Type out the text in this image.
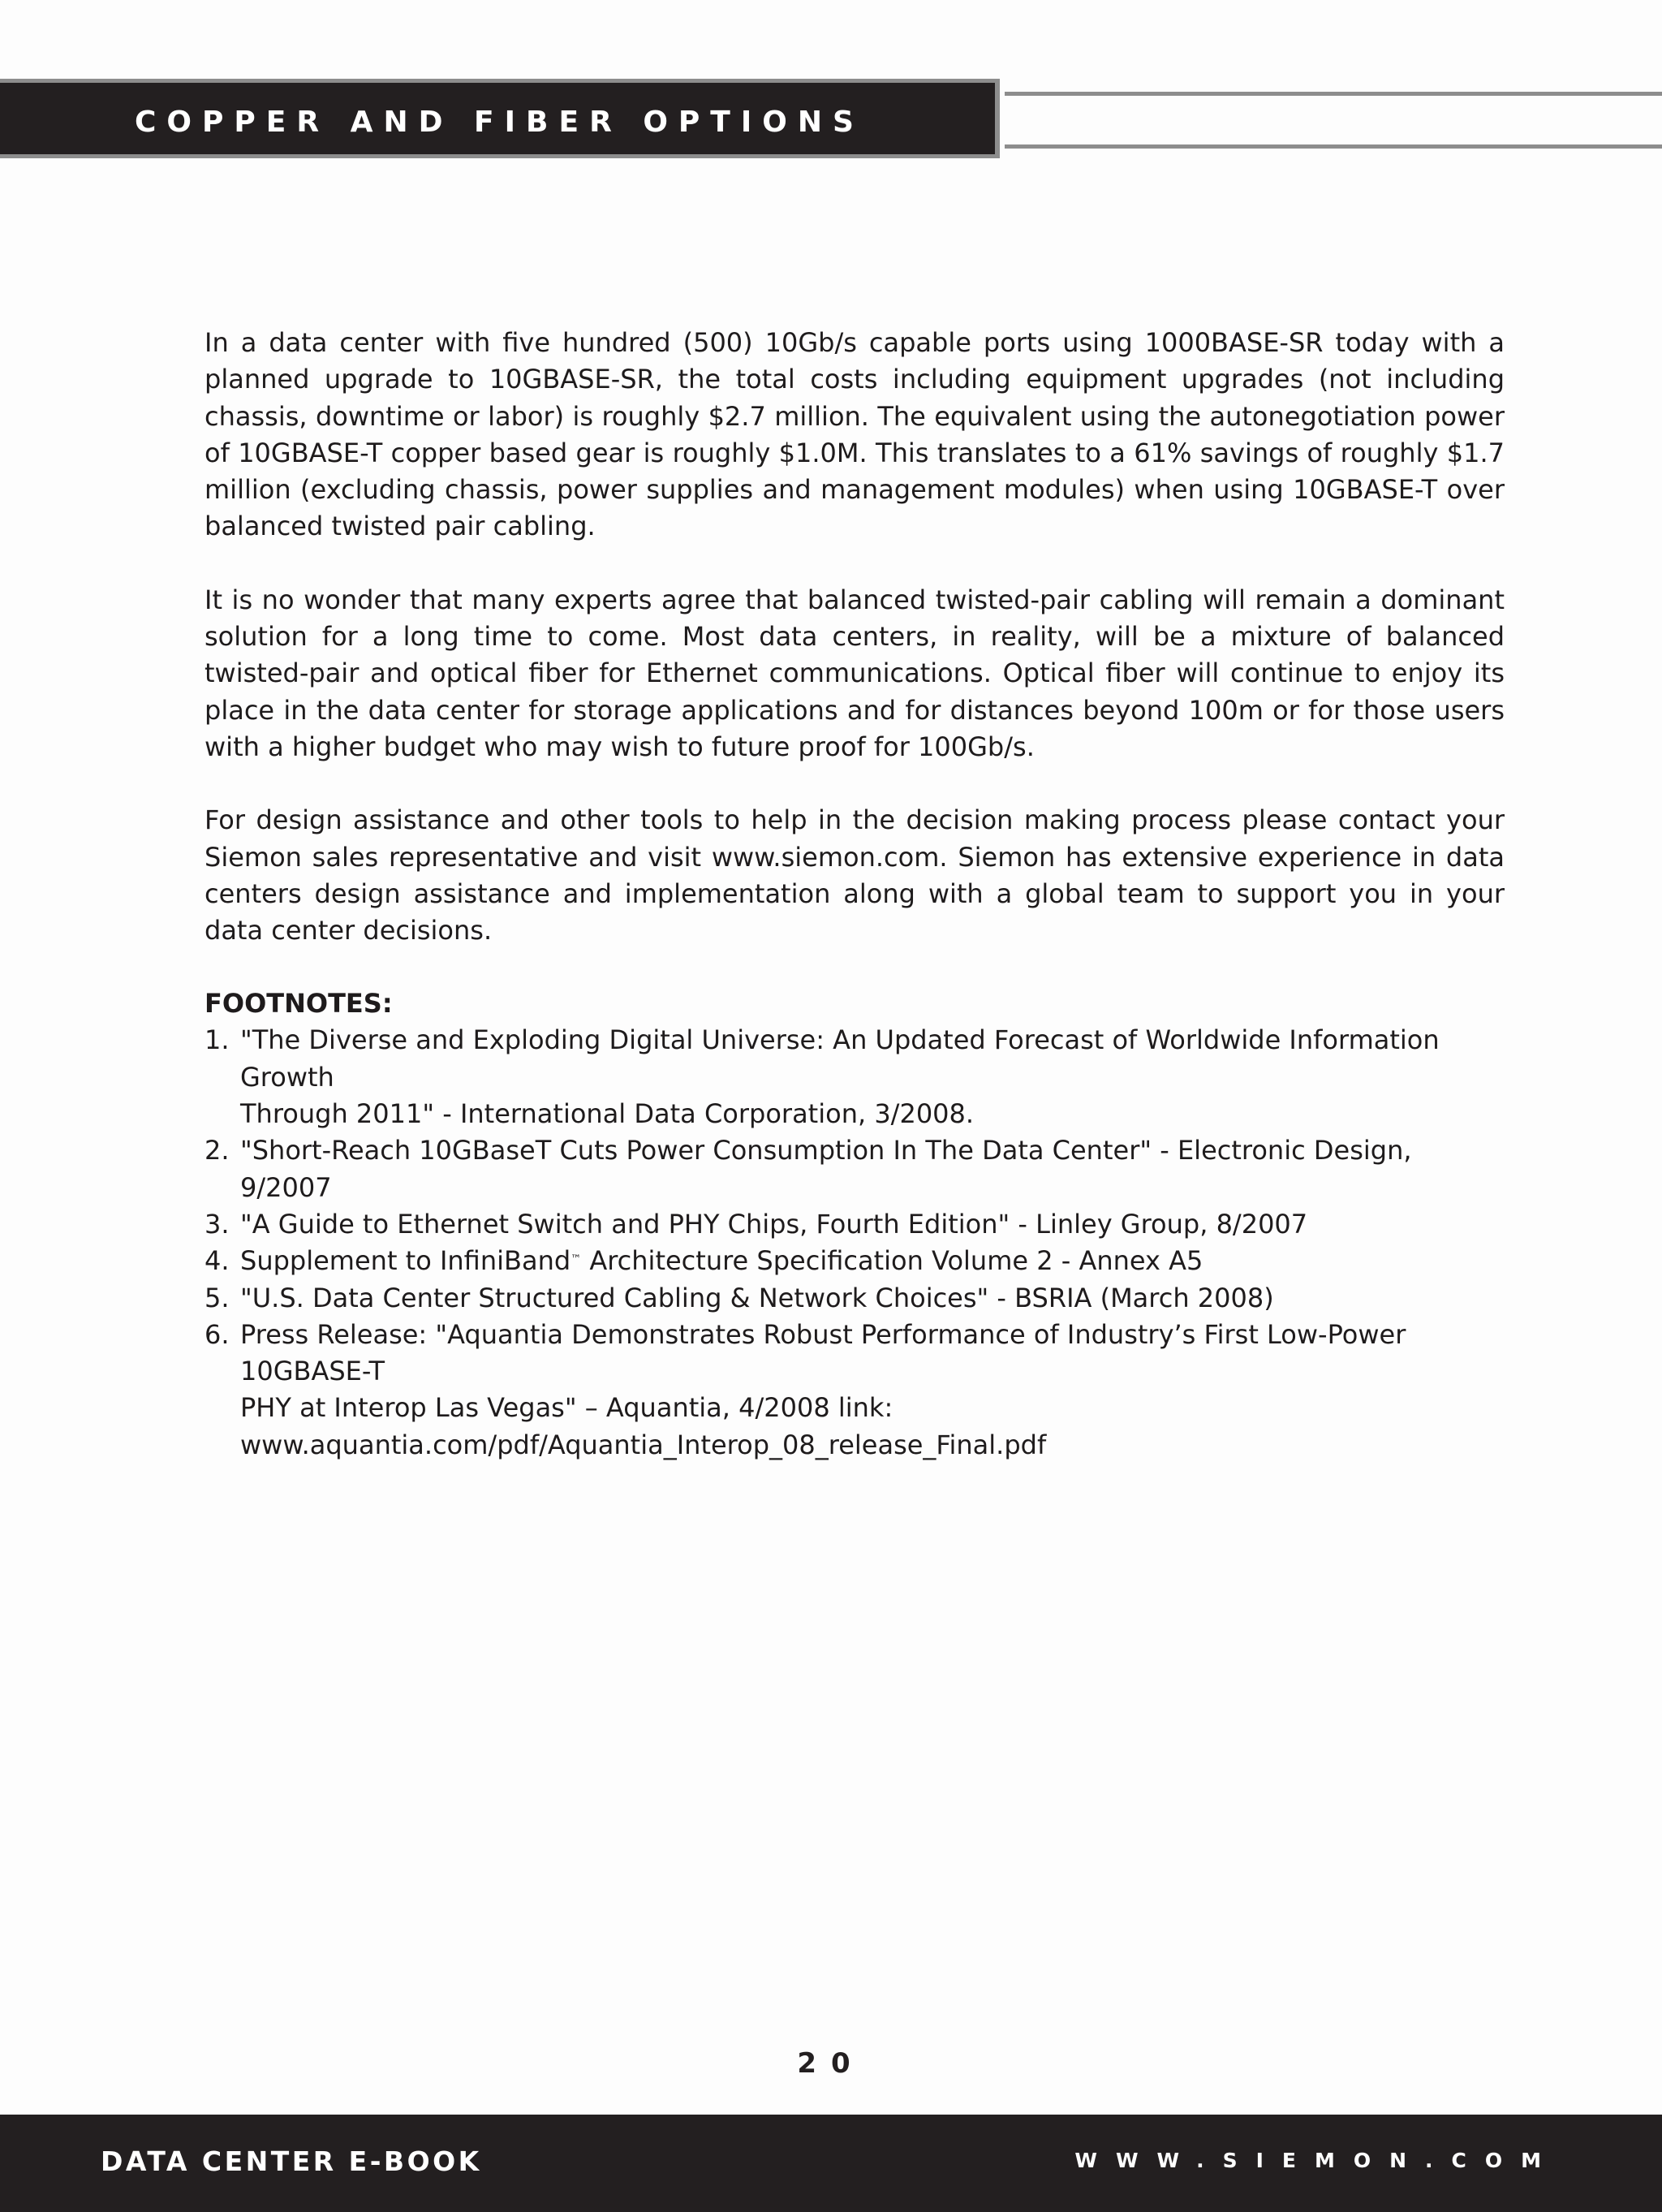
COPPER AND FIBER OPTIONS

In a data center with five hundred (500) 10Gb/s capable ports using 1000BASE-SR today with a planned upgrade to 10GBASE-SR, the total costs including equipment upgrades (not including chassis, downtime or labor) is roughly $2.7 million. The equivalent using the autonegotiation power of 10GBASE-T copper based gear is roughly $1.0M. This translates to a 61% savings of roughly $1.7 million (excluding chassis, power supplies and management modules) when using 10GBASE-T over balanced twisted pair cabling.

It is no wonder that many experts agree that balanced twisted-pair cabling will remain a dominant solution for a long time to come. Most data centers, in reality, will be a mixture of balanced twisted-pair and optical fiber for Ethernet communications. Optical fiber will continue to enjoy its place in the data center for storage applications and for distances beyond 100m or for those users with a higher budget who may wish to future proof for 100Gb/s.

For design assistance and other tools to help in the decision making process please contact your Siemon sales representative and visit www.siemon.com. Siemon has extensive experience in data centers design assistance and implementation along with a global team to support you in your data center decisions.

FOOTNOTES:
1. "The Diverse and Exploding Digital Universe: An Updated Forecast of Worldwide Information Growth
Through 2011" - International Data Corporation, 3/2008.
2. "Short-Reach 10GBaseT Cuts Power Consumption In The Data Center" - Electronic Design, 9/2007
3. "A Guide to Ethernet Switch and PHY Chips, Fourth Edition" - Linley Group, 8/2007
4. Supplement to InfiniBand™ Architecture Specification Volume 2 - Annex A5
5. "U.S. Data Center Structured Cabling & Network Choices" - BSRIA (March 2008)
6. Press Release: "Aquantia Demonstrates Robust Performance of Industry’s First Low-Power 10GBASE-T
PHY at Interop Las Vegas" – Aquantia, 4/2008 link:
www.aquantia.com/pdf/Aquantia_Interop_08_release_Final.pdf
20
DATA CENTER E-BOOK	WWW.SIEMON.COM
